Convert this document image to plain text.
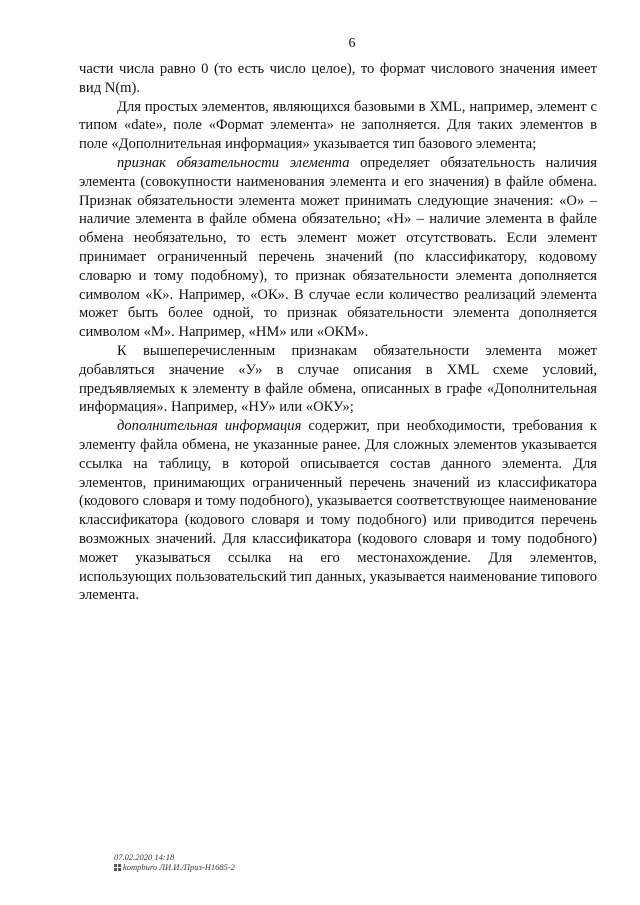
6

части числа равно 0 (то есть число целое), то формат числового значения имеет вид N(m).

Для простых элементов, являющихся базовыми в XML, например, элемент с типом «date», поле «Формат элемента» не заполняется. Для таких элементов в поле «Дополнительная информация» указывается тип базового элемента;

признак обязательности элемента определяет обязательность наличия элемента (совокупности наименования элемента и его значения) в файле обмена. Признак обязательности элемента может принимать следующие значения: «О» – наличие элемента в файле обмена обязательно; «Н» – наличие элемента в файле обмена необязательно, то есть элемент может отсутствовать. Если элемент принимает ограниченный перечень значений (по классификатору, кодовому словарю и тому подобному), то признак обязательности элемента дополняется символом «К». Например, «ОК». В случае если количество реализаций элемента может быть более одной, то признак обязательности элемента дополняется символом «М». Например, «НМ» или «ОКМ».

К вышеперечисленным признакам обязательности элемента может добавляться значение «У» в случае описания в XML схеме условий, предъявляемых к элементу в файле обмена, описанных в графе «Дополнительная информация». Например, «НУ» или «ОКУ»;

дополнительная информация содержит, при необходимости, требования к элементу файла обмена, не указанные ранее. Для сложных элементов указывается ссылка на таблицу, в которой описывается состав данного элемента. Для элементов, принимающих ограниченный перечень значений из классификатора (кодового словаря и тому подобного), указывается соответствующее наименование классификатора (кодового словаря и тому подобного) или приводится перечень возможных значений. Для классификатора (кодового словаря и тому подобного) может указываться ссылка на его местонахождение. Для элементов, использующих пользовательский тип данных, указывается наименование типового элемента.

07.02.2020 14:18
kompburo ЛИ.И./Приз-Н1685-2
